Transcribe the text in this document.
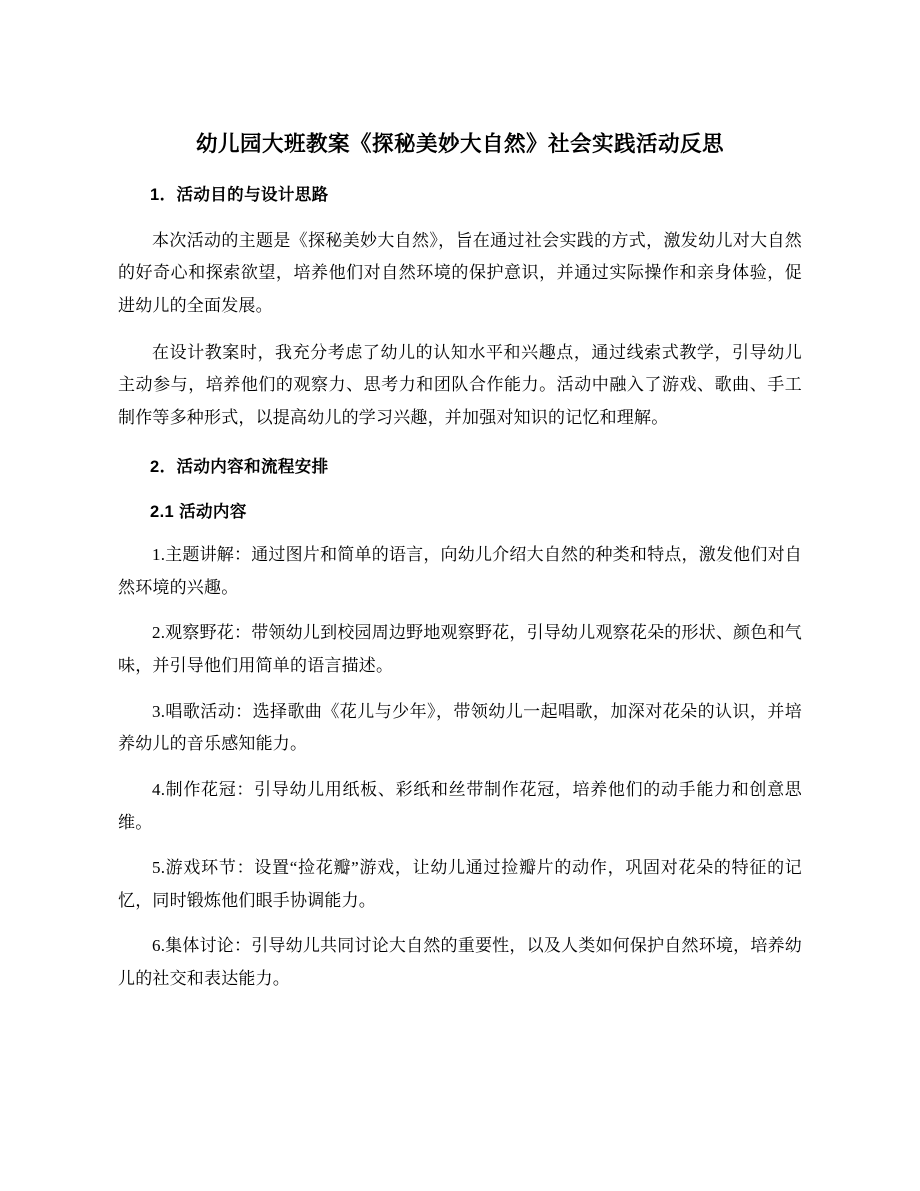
幼儿园大班教案《探秘美妙大自然》社会实践活动反思
1．活动目的与设计思路

本次活动的主题是《探秘美妙大自然》，旨在通过社会实践的方式，激发幼儿对大自然的好奇心和探索欲望，培养他们对自然环境的保护意识，并通过实际操作和亲身体验，促进幼儿的全面发展。

在设计教案时，我充分考虑了幼儿的认知水平和兴趣点，通过线索式教学，引导幼儿主动参与，培养他们的观察力、思考力和团队合作能力。活动中融入了游戏、歌曲、手工制作等多种形式，以提高幼儿的学习兴趣，并加强对知识的记忆和理解。

2．活动内容和流程安排
2.1 活动内容

1.主题讲解：通过图片和简单的语言，向幼儿介绍大自然的种类和特点，激发他们对自然环境的兴趣。

2.观察野花：带领幼儿到校园周边野地观察野花，引导幼儿观察花朵的形状、颜色和气味，并引导他们用简单的语言描述。

3.唱歌活动：选择歌曲《花儿与少年》，带领幼儿一起唱歌，加深对花朵的认识，并培养幼儿的音乐感知能力。

4.制作花冠：引导幼儿用纸板、彩纸和丝带制作花冠，培养他们的动手能力和创意思维。

5.游戏环节：设置“捡花瓣”游戏，让幼儿通过捡瓣片的动作，巩固对花朵的特征的记忆，同时锻炼他们眼手协调能力。

6.集体讨论：引导幼儿共同讨论大自然的重要性，以及人类如何保护自然环境，培养幼儿的社交和表达能力。
